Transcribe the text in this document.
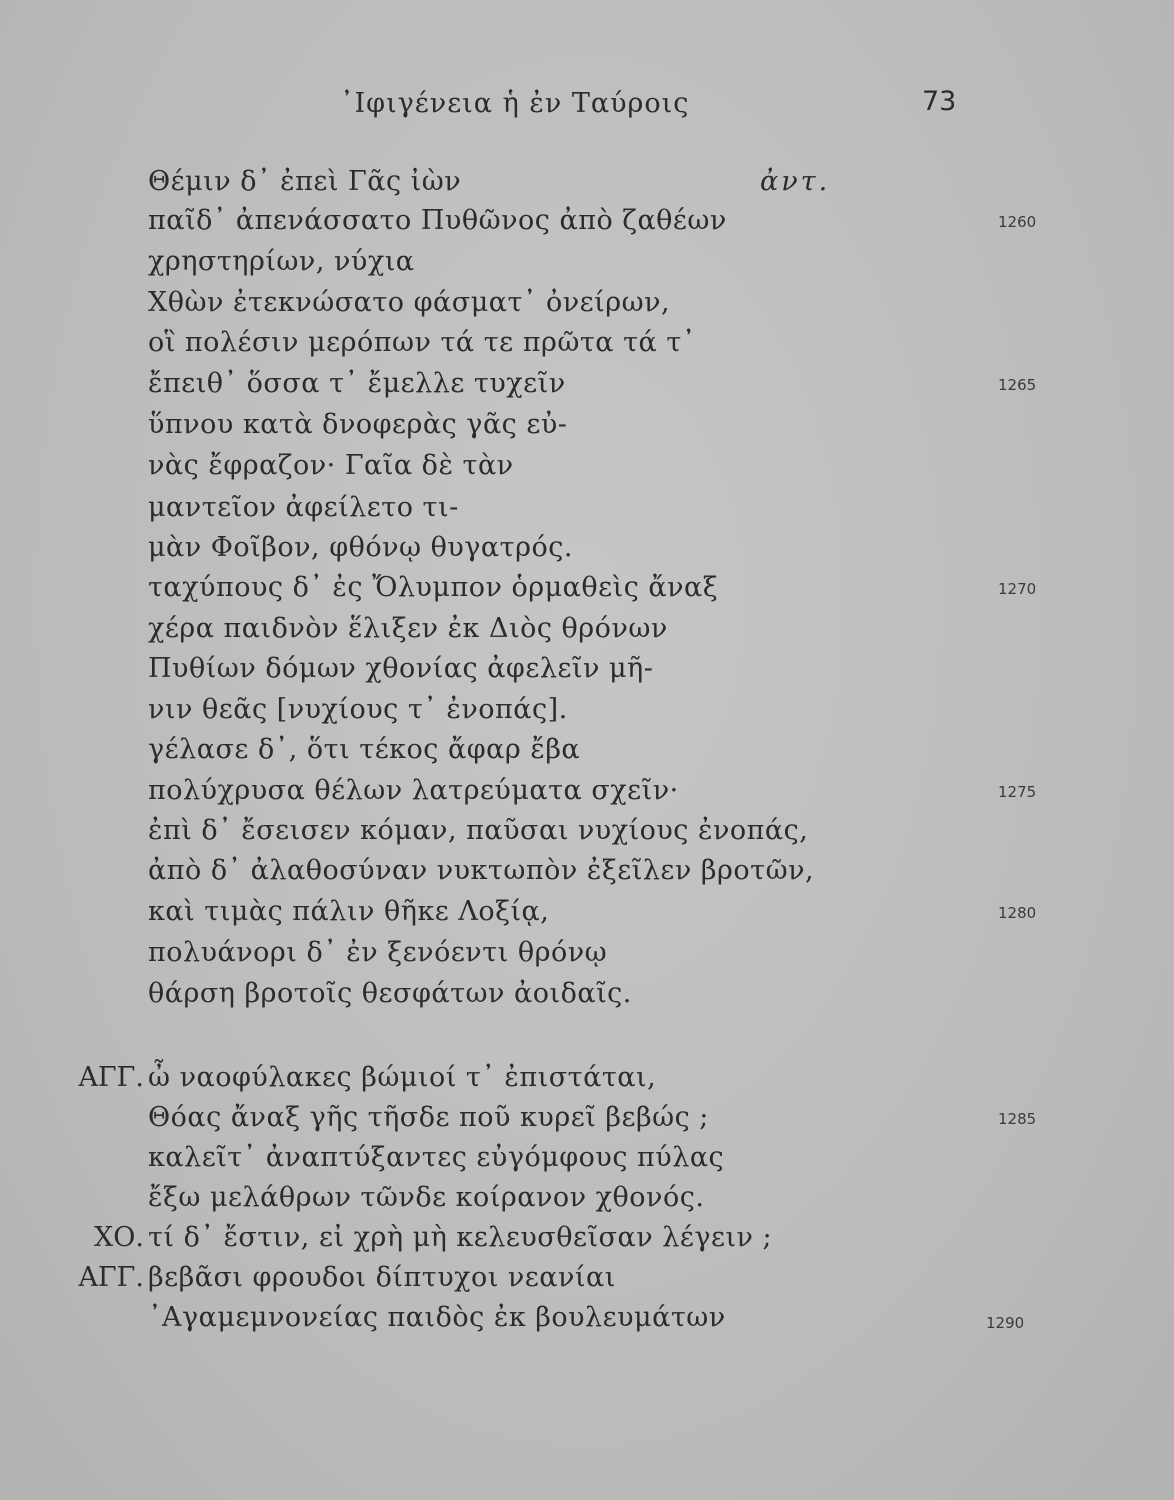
᾽Ιφιγένεια ἡ ἐν Ταύροις	73
Θέμιν δ᾽ ἐπεὶ Γᾶς ἰὼν	ἀντ.
παῖδ᾽ ἀπενάσσατο Πυθῶνος ἀπὸ ζαθέων	1260
χρηστηρίων, νύχια
Χθὼν ἐτεκνώσατο φάσματ᾽ ὀνείρων,
οἳ πολέσιν μερόπων τά τε πρῶτα τά τ᾽
ἔπειθ᾽ ὅσσα τ᾽ ἔμελλε τυχεῖν	1265
ὕπνου κατὰ δνοφερὰς γᾶς εὐ-
νὰς ἔφραζον· Γαῖα δὲ τὰν
μαντεῖον ἀφείλετο τι-
μὰν Φοῖβον, φθόνῳ θυγατρός.
ταχύπους δ᾽ ἐς Ὄλυμπον ὁρμαθεὶς ἄναξ	1270
χέρα παιδνὸν ἕλιξεν ἐκ Διὸς θρόνων
Πυθίων δόμων χθονίας ἀφελεῖν μῆ-
νιν θεᾶς [νυχίους τ᾽ ἐνοπάς].
γέλασε δ᾽, ὅτι τέκος ἄφαρ ἔβα
πολύχρυσα θέλων λατρεύματα σχεῖν·	1275
ἐπὶ δ᾽ ἔσεισεν κόμαν, παῦσαι νυχίους ἐνοπάς,
ἀπὸ δ᾽ ἀλαθοσύναν νυκτωπὸν ἐξεῖλεν βροτῶν,
καὶ τιμὰς πάλιν θῆκε Λοξίᾳ,	1280
πολυάνορι δ᾽ ἐν ξενόεντι θρόνῳ
θάρση βροτοῖς θεσφάτων ἀοιδαῖς.
ΑΓΓ. ὦ ναοφύλακες βώμιοί τ᾽ ἐπιστάται,
Θόας ἄναξ γῆς τῆσδε ποῦ κυρεῖ βεβώς ;	1285
καλεῖτ᾽ ἀναπτύξαντες εὐγόμφους πύλας
ἔξω μελάθρων τῶνδε κοίρανον χθονός.
ΧΟ. τί δ᾽ ἔστιν, εἰ χρὴ μὴ κελευσθεῖσαν λέγειν ;
ΑΓΓ. βεβᾶσι φρουδοι δίπτυχοι νεανίαι
᾽Αγαμεμνονείας παιδὸς ἐκ βουλευμάτων	1290
